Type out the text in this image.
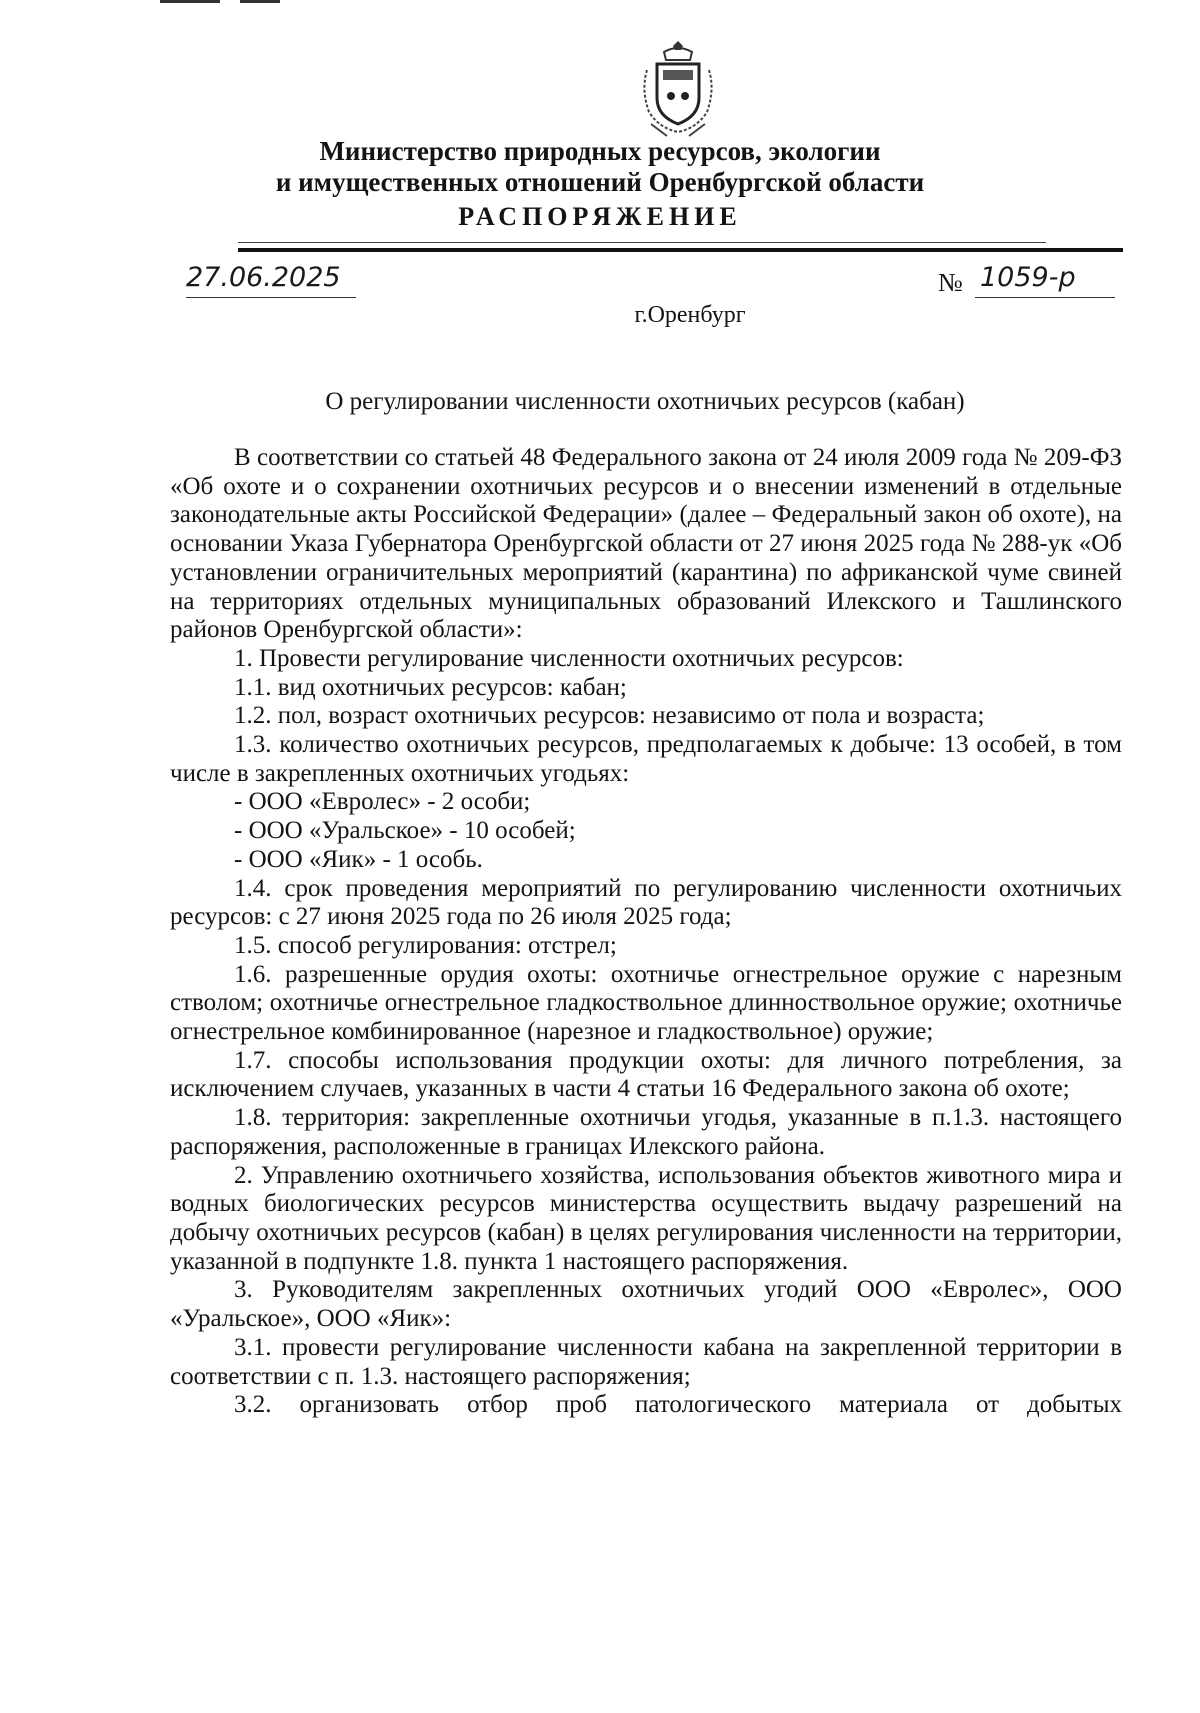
Министерство природных ресурсов, экологии
и имущественных отношений Оренбургской области
РАСПОРЯЖЕНИЕ
27.06.2025	№ 1059-р
г.Оренбург
О регулировании численности охотничьих ресурсов (кабан)

В соответствии со статьей 48 Федерального закона от 24 июля 2009 года № 209-ФЗ «Об охоте и о сохранении охотничьих ресурсов и о внесении изменений в отдельные законодательные акты Российской Федерации» (далее – Федеральный закон об охоте), на основании Указа Губернатора Оренбургской области от 27 июня 2025 года № 288-ук «Об установлении ограничительных мероприятий (карантина) по африканской чуме свиней на территориях отдельных муниципальных образований Илекского и Ташлинского районов Оренбургской области»:

1. Провести регулирование численности охотничьих ресурсов:

1.1. вид охотничьих ресурсов: кабан;

1.2. пол, возраст охотничьих ресурсов: независимо от пола и возраста;

1.3. количество охотничьих ресурсов, предполагаемых к добыче: 13 особей, в том числе в закрепленных охотничьих угодьях:

- ООО «Евролес» - 2 особи;

- ООО «Уральское» - 10 особей;

- ООО «Яик» - 1 особь.

1.4. срок проведения мероприятий по регулированию численности охотничьих ресурсов: с 27 июня 2025 года по 26 июля 2025 года;

1.5. способ регулирования: отстрел;

1.6. разрешенные орудия охоты: охотничье огнестрельное оружие с нарезным стволом; охотничье огнестрельное гладкоствольное длинноствольное оружие; охотничье огнестрельное комбинированное (нарезное и гладкоствольное) оружие;

1.7. способы использования продукции охоты: для личного потребления, за исключением случаев, указанных в части 4 статьи 16 Федерального закона об охоте;

1.8. территория: закрепленные охотничьи угодья, указанные в п.1.3. настоящего распоряжения, расположенные в границах Илекского района.

2. Управлению охотничьего хозяйства, использования объектов животного мира и водных биологических ресурсов министерства осуществить выдачу разрешений на добычу охотничьих ресурсов (кабан) в целях регулирования численности на территории, указанной в подпункте 1.8. пункта 1 настоящего распоряжения.

3. Руководителям закрепленных охотничьих угодий ООО «Евролес», ООО «Уральское», ООО «Яик»:

3.1. провести регулирование численности кабана на закрепленной территории в соответствии с п. 1.3. настоящего распоряжения;

3.2. организовать отбор проб патологического материала от добытых
